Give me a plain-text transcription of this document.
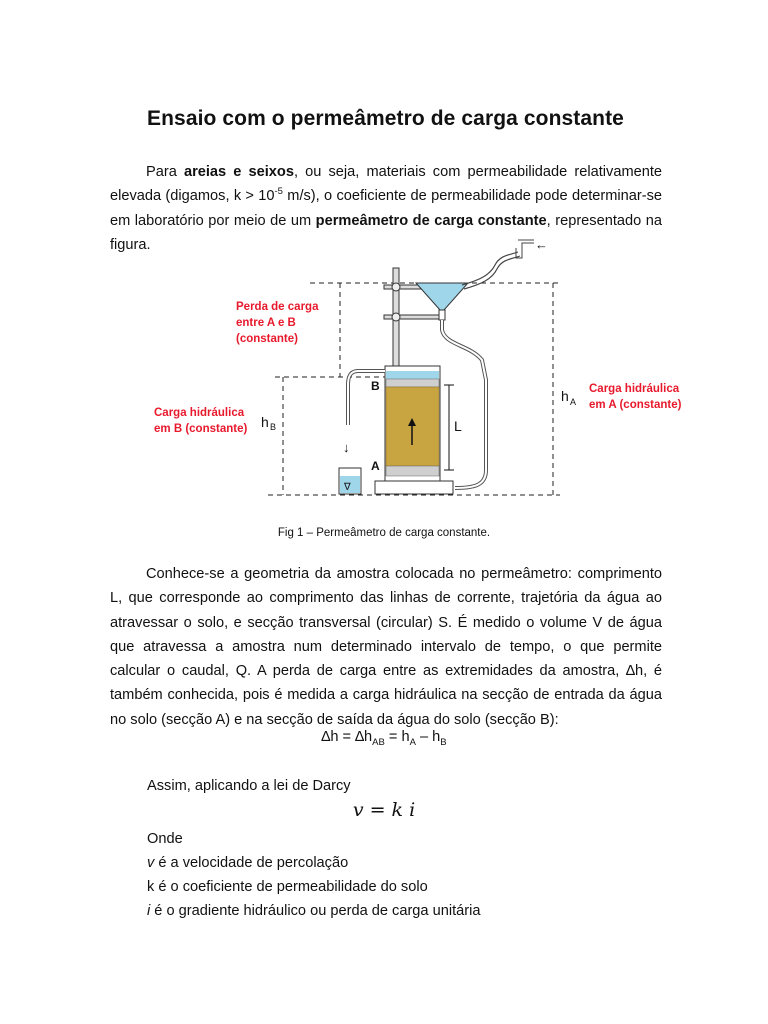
Ensaio com o permeâmetro de carga constante
Para areias e seixos, ou seja, materiais com permeabilidade relativamente elevada (digamos, $k > 10^{-5}$ m/s), o coeficiente de permeabilidade pode determinar-se em laboratório por meio de um permeâmetro de carga constante, representado na figura.	←
↓
∇
B
A
L
h B
h A
Perda de carga
entre A e B
(constante)
Carga hidráulica
em B (constante)
Carga hidráulica
em A (constante)
Fig 1 – Permeâmetro de carga constante.
Conhece-se a geometria da amostra colocada no permeâmetro: comprimento L, que corresponde ao comprimento das linhas de corrente, trajetória da água ao atravessar o solo, e secção transversal (circular) S. É medido o volume V de água que atravessa a amostra num determinado intervalo de tempo, o que permite calcular o caudal, Q. A perda de carga entre as extremidades da amostra, ∆h, é também conhecida, pois é medida a carga hidráulica na secção de entrada da água no solo (secção A) e na secção de saída da água do solo (secção B):
$\Delta h = \Delta h_{AB} = h_A - h_B$
Assim, aplicando a lei de Darcy
v = k i
Onde
v é a velocidade de percolação
k é o coeficiente de permeabilidade do solo
i é o gradiente hidráulico ou perda de carga unitária
